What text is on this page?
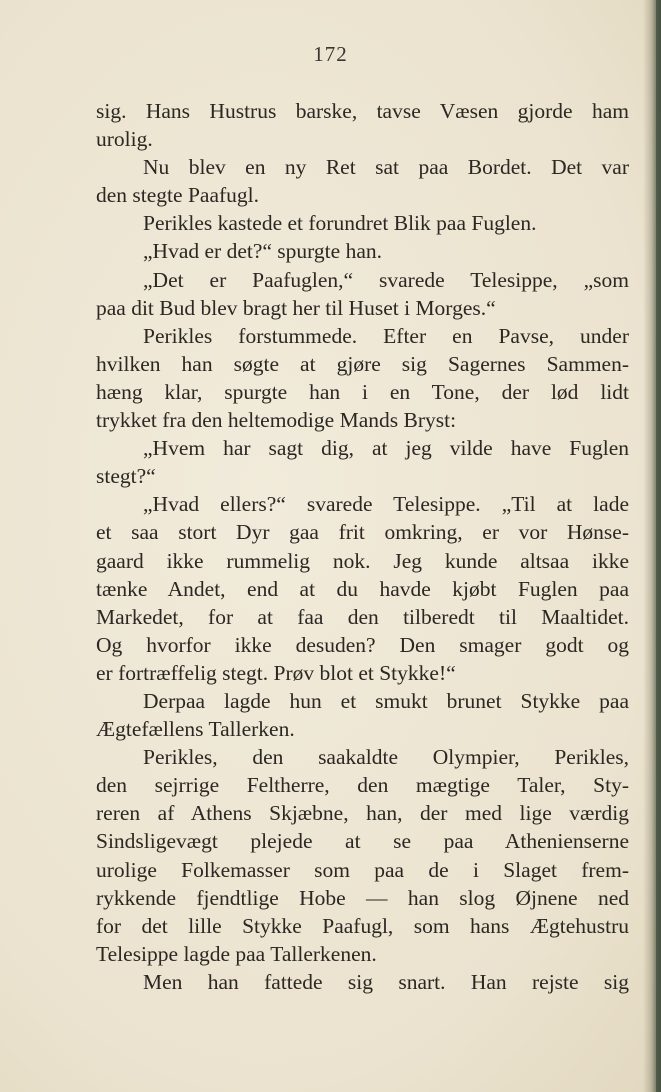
172
sig. Hans Hustrus barske, tavse Væsen gjorde ham
urolig.
Nu blev en ny Ret sat paa Bordet. Det var
den stegte Paafugl.
Perikles kastede et forundret Blik paa Fuglen.
„Hvad er det?“ spurgte han.
„Det er Paafuglen,“ svarede Telesippe, „som
paa dit Bud blev bragt her til Huset i Morges.“
Perikles forstummede. Efter en Pavse, under
hvilken han søgte at gjøre sig Sagernes Sammen-
hæng klar, spurgte han i en Tone, der lød lidt
trykket fra den heltemodige Mands Bryst:
„Hvem har sagt dig, at jeg vilde have Fuglen
stegt?“
„Hvad ellers?“ svarede Telesippe. „Til at lade
et saa stort Dyr gaa frit omkring, er vor Hønse-
gaard ikke rummelig nok. Jeg kunde altsaa ikke
tænke Andet, end at du havde kjøbt Fuglen paa
Markedet, for at faa den tilberedt til Maaltidet.
Og hvorfor ikke desuden? Den smager godt og
er fortræffelig stegt. Prøv blot et Stykke!“
Derpaa lagde hun et smukt brunet Stykke paa
Ægtefællens Tallerken.
Perikles, den saakaldte Olympier, Perikles,
den sejrrige Feltherre, den mægtige Taler, Sty-
reren af Athens Skjæbne, han, der med lige værdig
Sindsligevægt plejede at se paa Athenienserne
urolige Folkemasser som paa de i Slaget frem-
rykkende fjendtlige Hobe — han slog Øjnene ned
for det lille Stykke Paafugl, som hans Ægtehustru
Telesippe lagde paa Tallerkenen.
Men han fattede sig snart. Han rejste sig
